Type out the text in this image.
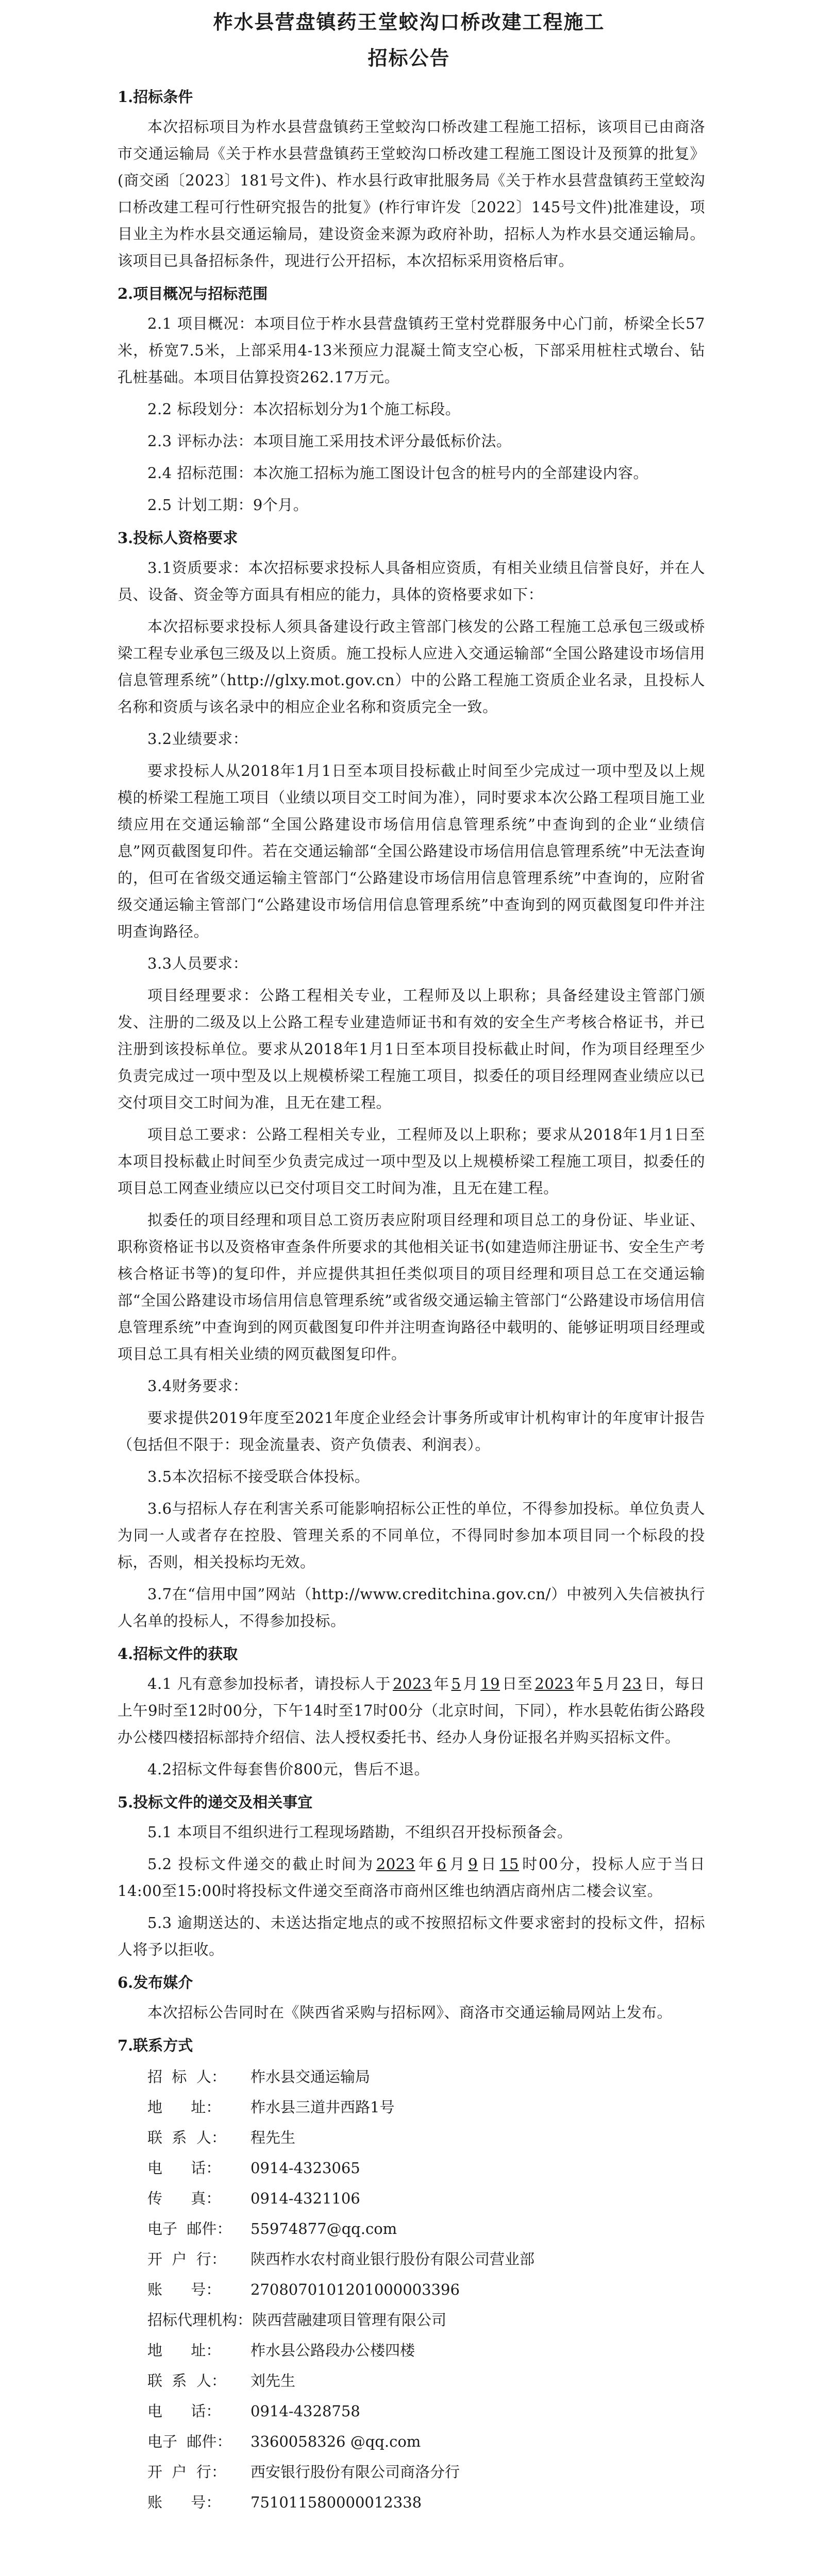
柞水县营盘镇药王堂蛟沟口桥改建工程施工
招标公告
1.招标条件

本次招标项目为柞水县营盘镇药王堂蛟沟口桥改建工程施工招标，该项目已由商洛市交通运输局《关于柞水县营盘镇药王堂蛟沟口桥改建工程施工图设计及预算的批复》(商交函〔2023〕181号文件)、柞水县行政审批服务局《关于柞水县营盘镇药王堂蛟沟口桥改建工程可行性研究报告的批复》(柞行审许发〔2022〕145号文件)批准建设，项目业主为柞水县交通运输局，建设资金来源为政府补助，招标人为柞水县交通运输局。该项目已具备招标条件，现进行公开招标，本次招标采用资格后审。

2.项目概况与招标范围

2.1 项目概况：本项目位于柞水县营盘镇药王堂村党群服务中心门前，桥梁全长57米，桥宽7.5米，上部采用4-13米预应力混凝土简支空心板，下部采用桩柱式墩台、钻孔桩基础。本项目估算投资262.17万元。

2.2 标段划分：本次招标划分为1个施工标段。

2.3 评标办法：本项目施工采用技术评分最低标价法。

2.4 招标范围：本次施工招标为施工图设计包含的桩号内的全部建设内容。

2.5 计划工期：9个月。

3.投标人资格要求

3.1资质要求：本次招标要求投标人具备相应资质，有相关业绩且信誉良好，并在人员、设备、资金等方面具有相应的能力，具体的资格要求如下：

本次招标要求投标人须具备建设行政主管部门核发的公路工程施工总承包三级或桥梁工程专业承包三级及以上资质。施工投标人应进入交通运输部“全国公路建设市场信用信息管理系统”（http://glxy.mot.gov.cn）中的公路工程施工资质企业名录，且投标人名称和资质与该名录中的相应企业名称和资质完全一致。

3.2业绩要求：

要求投标人从2018年1月1日至本项目投标截止时间至少完成过一项中型及以上规模的桥梁工程施工项目（业绩以项目交工时间为准），同时要求本次公路工程项目施工业绩应用在交通运输部“全国公路建设市场信用信息管理系统”中查询到的企业“业绩信息”网页截图复印件。若在交通运输部“全国公路建设市场信用信息管理系统”中无法查询的，但可在省级交通运输主管部门“公路建设市场信用信息管理系统”中查询的，应附省级交通运输主管部门“公路建设市场信用信息管理系统”中查询到的网页截图复印件并注明查询路径。

3.3人员要求：

项目经理要求：公路工程相关专业，工程师及以上职称；具备经建设主管部门颁发、注册的二级及以上公路工程专业建造师证书和有效的安全生产考核合格证书，并已注册到该投标单位。要求从2018年1月1日至本项目投标截止时间，作为项目经理至少负责完成过一项中型及以上规模桥梁工程施工项目，拟委任的项目经理网查业绩应以已交付项目交工时间为准，且无在建工程。

项目总工要求：公路工程相关专业，工程师及以上职称；要求从2018年1月1日至本项目投标截止时间至少负责完成过一项中型及以上规模桥梁工程施工项目，拟委任的项目总工网查业绩应以已交付项目交工时间为准，且无在建工程。

拟委任的项目经理和项目总工资历表应附项目经理和项目总工的身份证、毕业证、职称资格证书以及资格审查条件所要求的其他相关证书(如建造师注册证书、安全生产考核合格证书等)的复印件，并应提供其担任类似项目的项目经理和项目总工在交通运输部“全国公路建设市场信用信息管理系统”或省级交通运输主管部门“公路建设市场信用信息管理系统”中查询到的网页截图复印件并注明查询路径中载明的、能够证明项目经理或项目总工具有相关业绩的网页截图复印件。

3.4财务要求：

要求提供2019年度至2021年度企业经会计事务所或审计机构审计的年度审计报告（包括但不限于：现金流量表、资产负债表、利润表）。

3.5本次招标不接受联合体投标。

3.6与招标人存在利害关系可能影响招标公正性的单位，不得参加投标。单位负责人为同一人或者存在控股、管理关系的不同单位，不得同时参加本项目同一个标段的投标，否则，相关投标均无效。

3.7在“信用中国”网站（http://www.creditchina.gov.cn/）中被列入失信被执行人名单的投标人，不得参加投标。

4.招标文件的获取

4.1 凡有意参加投标者，请投标人于 2023 年 5 月 19 日至 2023 年 5 月 23 日，每日上午9时至12时00分，下午14时至17时00分（北京时间，下同），柞水县乾佑街公路段办公楼四楼招标部持介绍信、法人授权委托书、经办人身份证报名并购买招标文件。

4.2招标文件每套售价800元，售后不退。

5.投标文件的递交及相关事宜

5.1 本项目不组织进行工程现场踏勘，不组织召开投标预备会。

5.2 投标文件递交的截止时间为 2023 年 6 月 9 日 15 时00分，投标人应于当日14:00至15:00时将投标文件递交至商洛市商州区维也纳酒店商州店二楼会议室。

5.3 逾期送达的、未送达指定地点的或不按照招标文件要求密封的投标文件，招标人将予以拒收。

6.发布媒介

本次招标公告同时在《陕西省采购与招标网》、商洛市交通运输局网站上发布。

7.联系方式
招  标  人：	柞水县交通运输局
地      址：	柞水县三道井西路1号
联  系  人：	程先生
电      话：	0914-4323065
传      真：	0914-4321106
电子  邮件：	55974877@qq.com
开  户  行：	陕西柞水农村商业银行股份有限公司营业部
账      号：	2708070101201000003396
招标代理机构：陕西营融建项目管理有限公司
地      址：	柞水县公路段办公楼四楼
联  系  人：	刘先生
电      话：	0914-4328758
电子  邮件：	3360058326 @qq.com
开  户  行：	西安银行股份有限公司商洛分行
账      号：	751011580000012338
